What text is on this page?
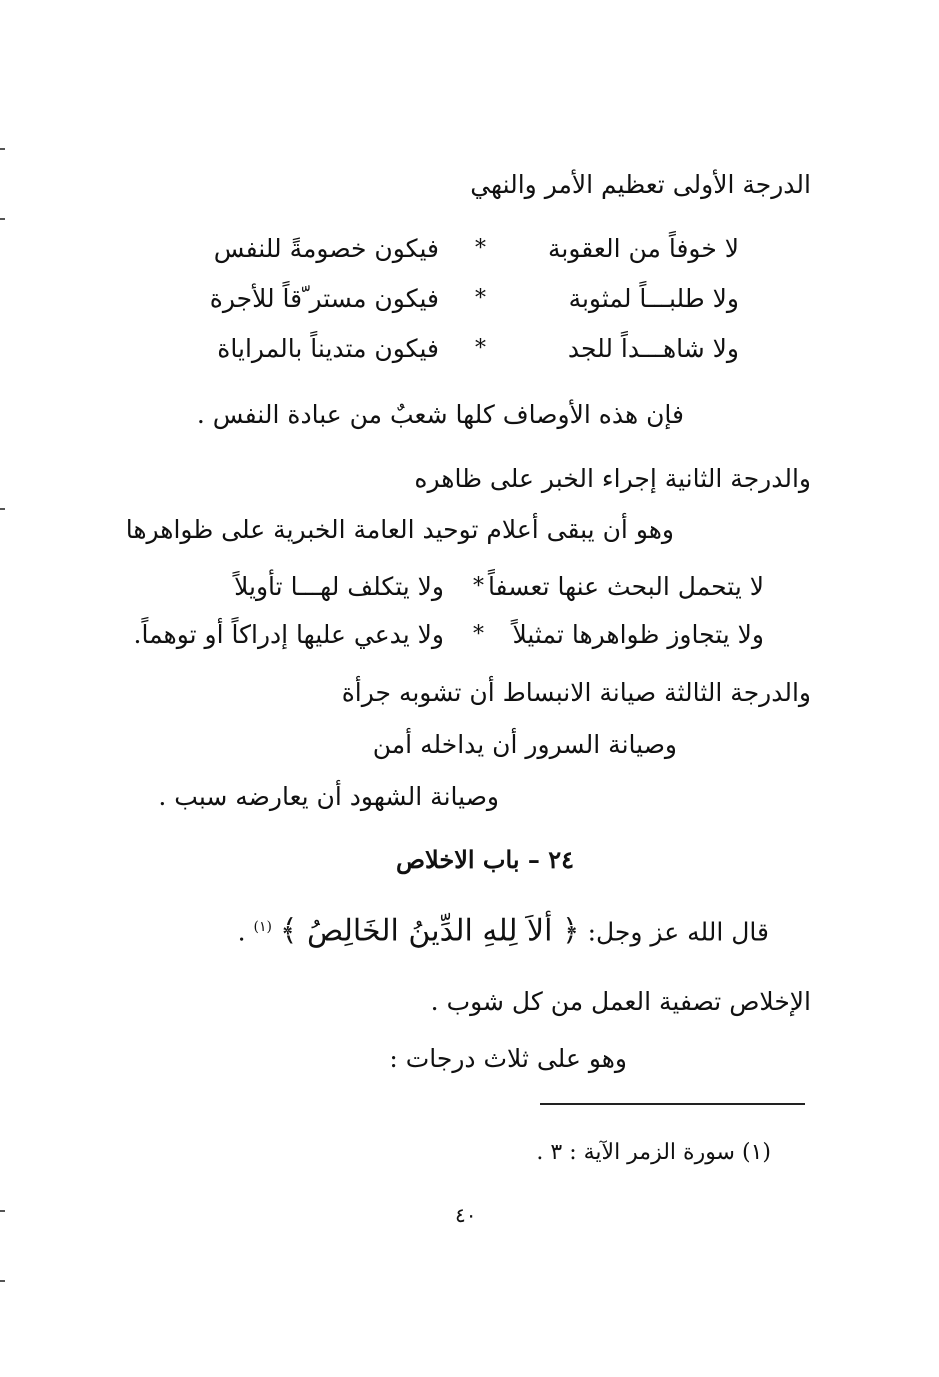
الدرجة الأولى تعظيم الأمر والنهي
لا خوفاً من العقوبة
*
فيكون خصومةً للنفس
ولا طلبـــاً لمثوبة
*
فيكون مستر ّقاً للأجرة
ولا شاهـــداً للجد
*
فيكون متديناً بالمراياة
فإن هذه الأوصاف كلها شعبٌ من عبادة النفس .
والدرجة الثانية إجراء الخبر على ظاهره
وهو أن يبقى أعلام توحيد العامة الخبرية على ظواهرها
لا يتحمل البحث عنها تعسفاً
*
ولا يتكلف لهـــا تأويلاً
ولا يتجاوز ظواهرها تمثيلاً
*
ولا يدعي عليها إدراكاً أو توهماً.
والدرجة الثالثة صيانة الانبساط أن تشوبه جرأة
وصيانة السرور أن يداخله أمن
وصيانة الشهود أن يعارضه سبب .
٢٤ – باب الاخلاص
قال الله عز وجل: ﴿ ألاَ لِلهِ الدِّينُ الخَالِصُ ﴾ $^{(١)}$ .
الإخلاص تصفية العمل من كل شوب .
وهو على ثلاث درجات :
(١) سورة الزمر الآية : ٣ .
٤٠
